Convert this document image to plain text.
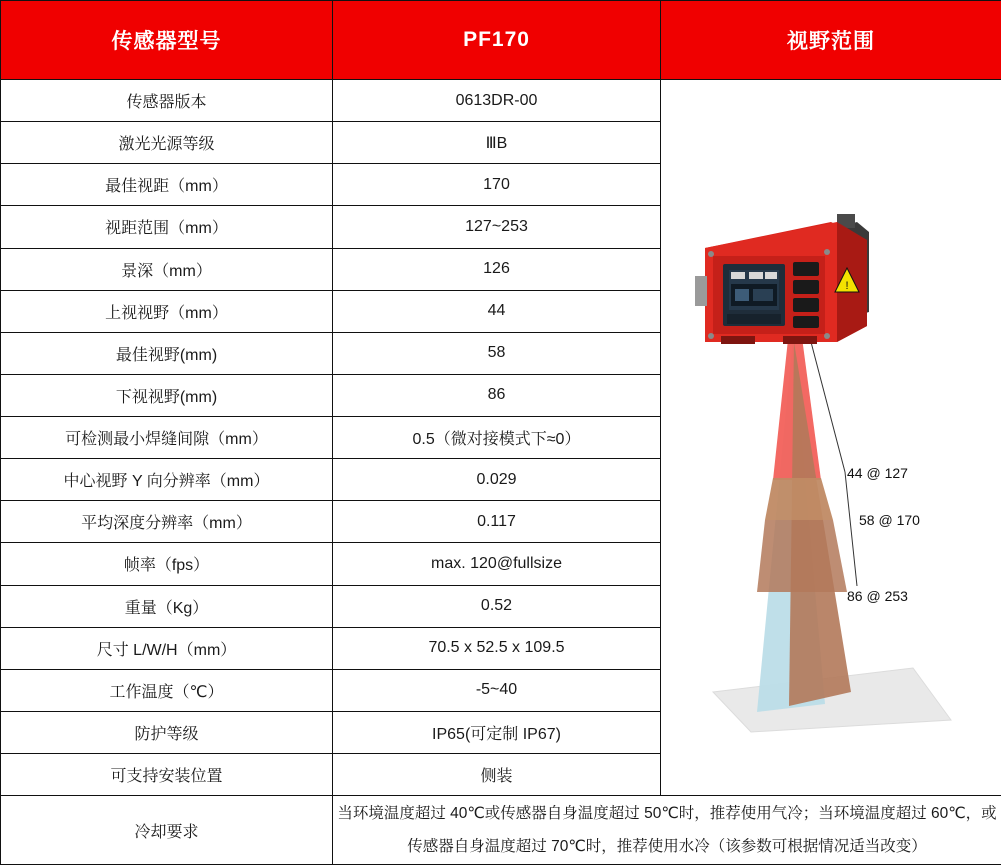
传感器型号	PF170	视野范围
传感器版本	0613DR-00	!
44 @ 127
58 @ 170
86 @ 253

激光光源等级	ⅢB	
最佳视距（mm）	170	
视距范围（mm）	127~253	
景深（mm）	126	
上视视野（mm）	44	
最佳视野(mm)	58	
下视视野(mm)	86	
可检测最小焊缝间隙（mm）	0.5（微对接模式下≈0）	
中心视野 Y 向分辨率（mm）	0.029	
平均深度分辨率（mm）	0.117	
帧率（fps）	max. 120@fullsize	
重量（Kg）	0.52	
尺寸 L/W/H（mm）	70.5 x 52.5 x 109.5	
工作温度（℃）	-5~40	
防护等级	IP65(可定制 IP67)	
可支持安装位置	侧装	
冷却要求	当环境温度超过 40℃或传感器自身温度超过 50℃时，推荐使用气冷；当环境温度超过 60℃，或传感器自身温度超过 70℃时，推荐使用水冷（该参数可根据情况适当改变）	
